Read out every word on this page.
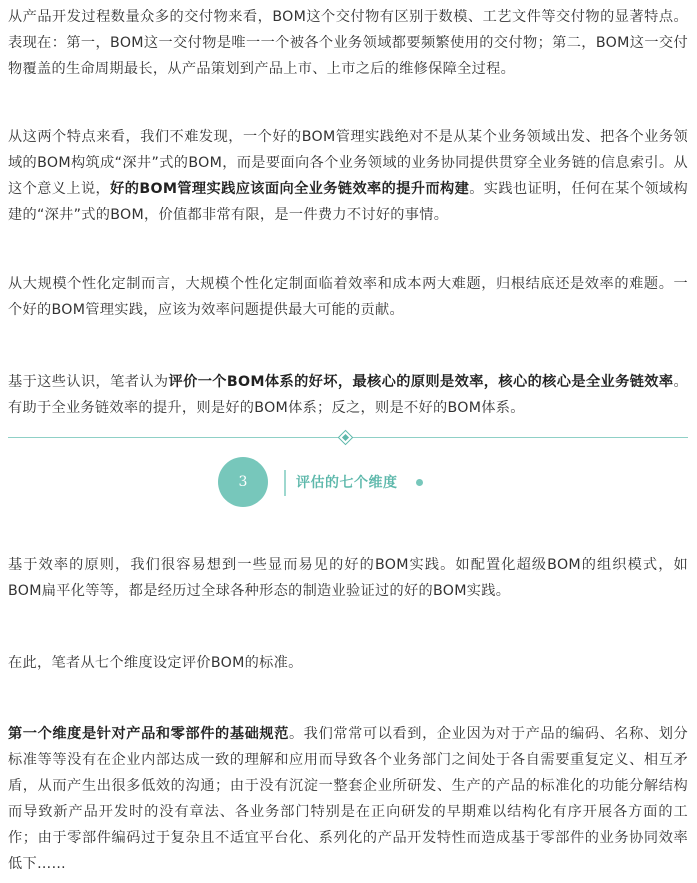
从产品开发过程数量众多的交付物来看，BOM这个交付物有区别于数模、工艺文件等交付物的显著特点。表现在：第一，BOM这一交付物是唯一一个被各个业务领域都要频繁使用的交付物；第二，BOM这一交付物覆盖的生命周期最长，从产品策划到产品上市、上市之后的维修保障全过程。

从这两个特点来看，我们不难发现，一个好的BOM管理实践绝对不是从某个业务领域出发、把各个业务领域的BOM构筑成“深井”式的BOM，而是要面向各个业务领域的业务协同提供贯穿全业务链的信息索引。从这个意义上说，好的BOM管理实践应该面向全业务链效率的提升而构建。实践也证明，任何在某个领域构建的“深井”式的BOM，价值都非常有限，是一件费力不讨好的事情。

从大规模个性化定制而言，大规模个性化定制面临着效率和成本两大难题，归根结底还是效率的难题。一个好的BOM管理实践，应该为效率问题提供最大可能的贡献。

基于这些认识，笔者认为评价一个BOM体系的好坏，最核心的原则是效率，核心的核心是全业务链效率。有助于全业务链效率的提升，则是好的BOM体系；反之，则是不好的BOM体系。

3	评估的七个维度

基于效率的原则，我们很容易想到一些显而易见的好的BOM实践。如配置化超级BOM的组织模式，如BOM扁平化等等，都是经历过全球各种形态的制造业验证过的好的BOM实践。

在此，笔者从七个维度设定评价BOM的标准。

第一个维度是针对产品和零部件的基础规范。我们常常可以看到，企业因为对于产品的编码、名称、划分标准等等没有在企业内部达成一致的理解和应用而导致各个业务部门之间处于各自需要重复定义、相互矛盾，从而产生出很多低效的沟通；由于没有沉淀一整套企业所研发、生产的产品的标准化的功能分解结构而导致新产品开发时的没有章法、各业务部门特别是在正向研发的早期难以结构化有序开展各方面的工作；由于零部件编码过于复杂且不适宜平台化、系列化的产品开发特性而造成基于零部件的业务协同效率低下……
